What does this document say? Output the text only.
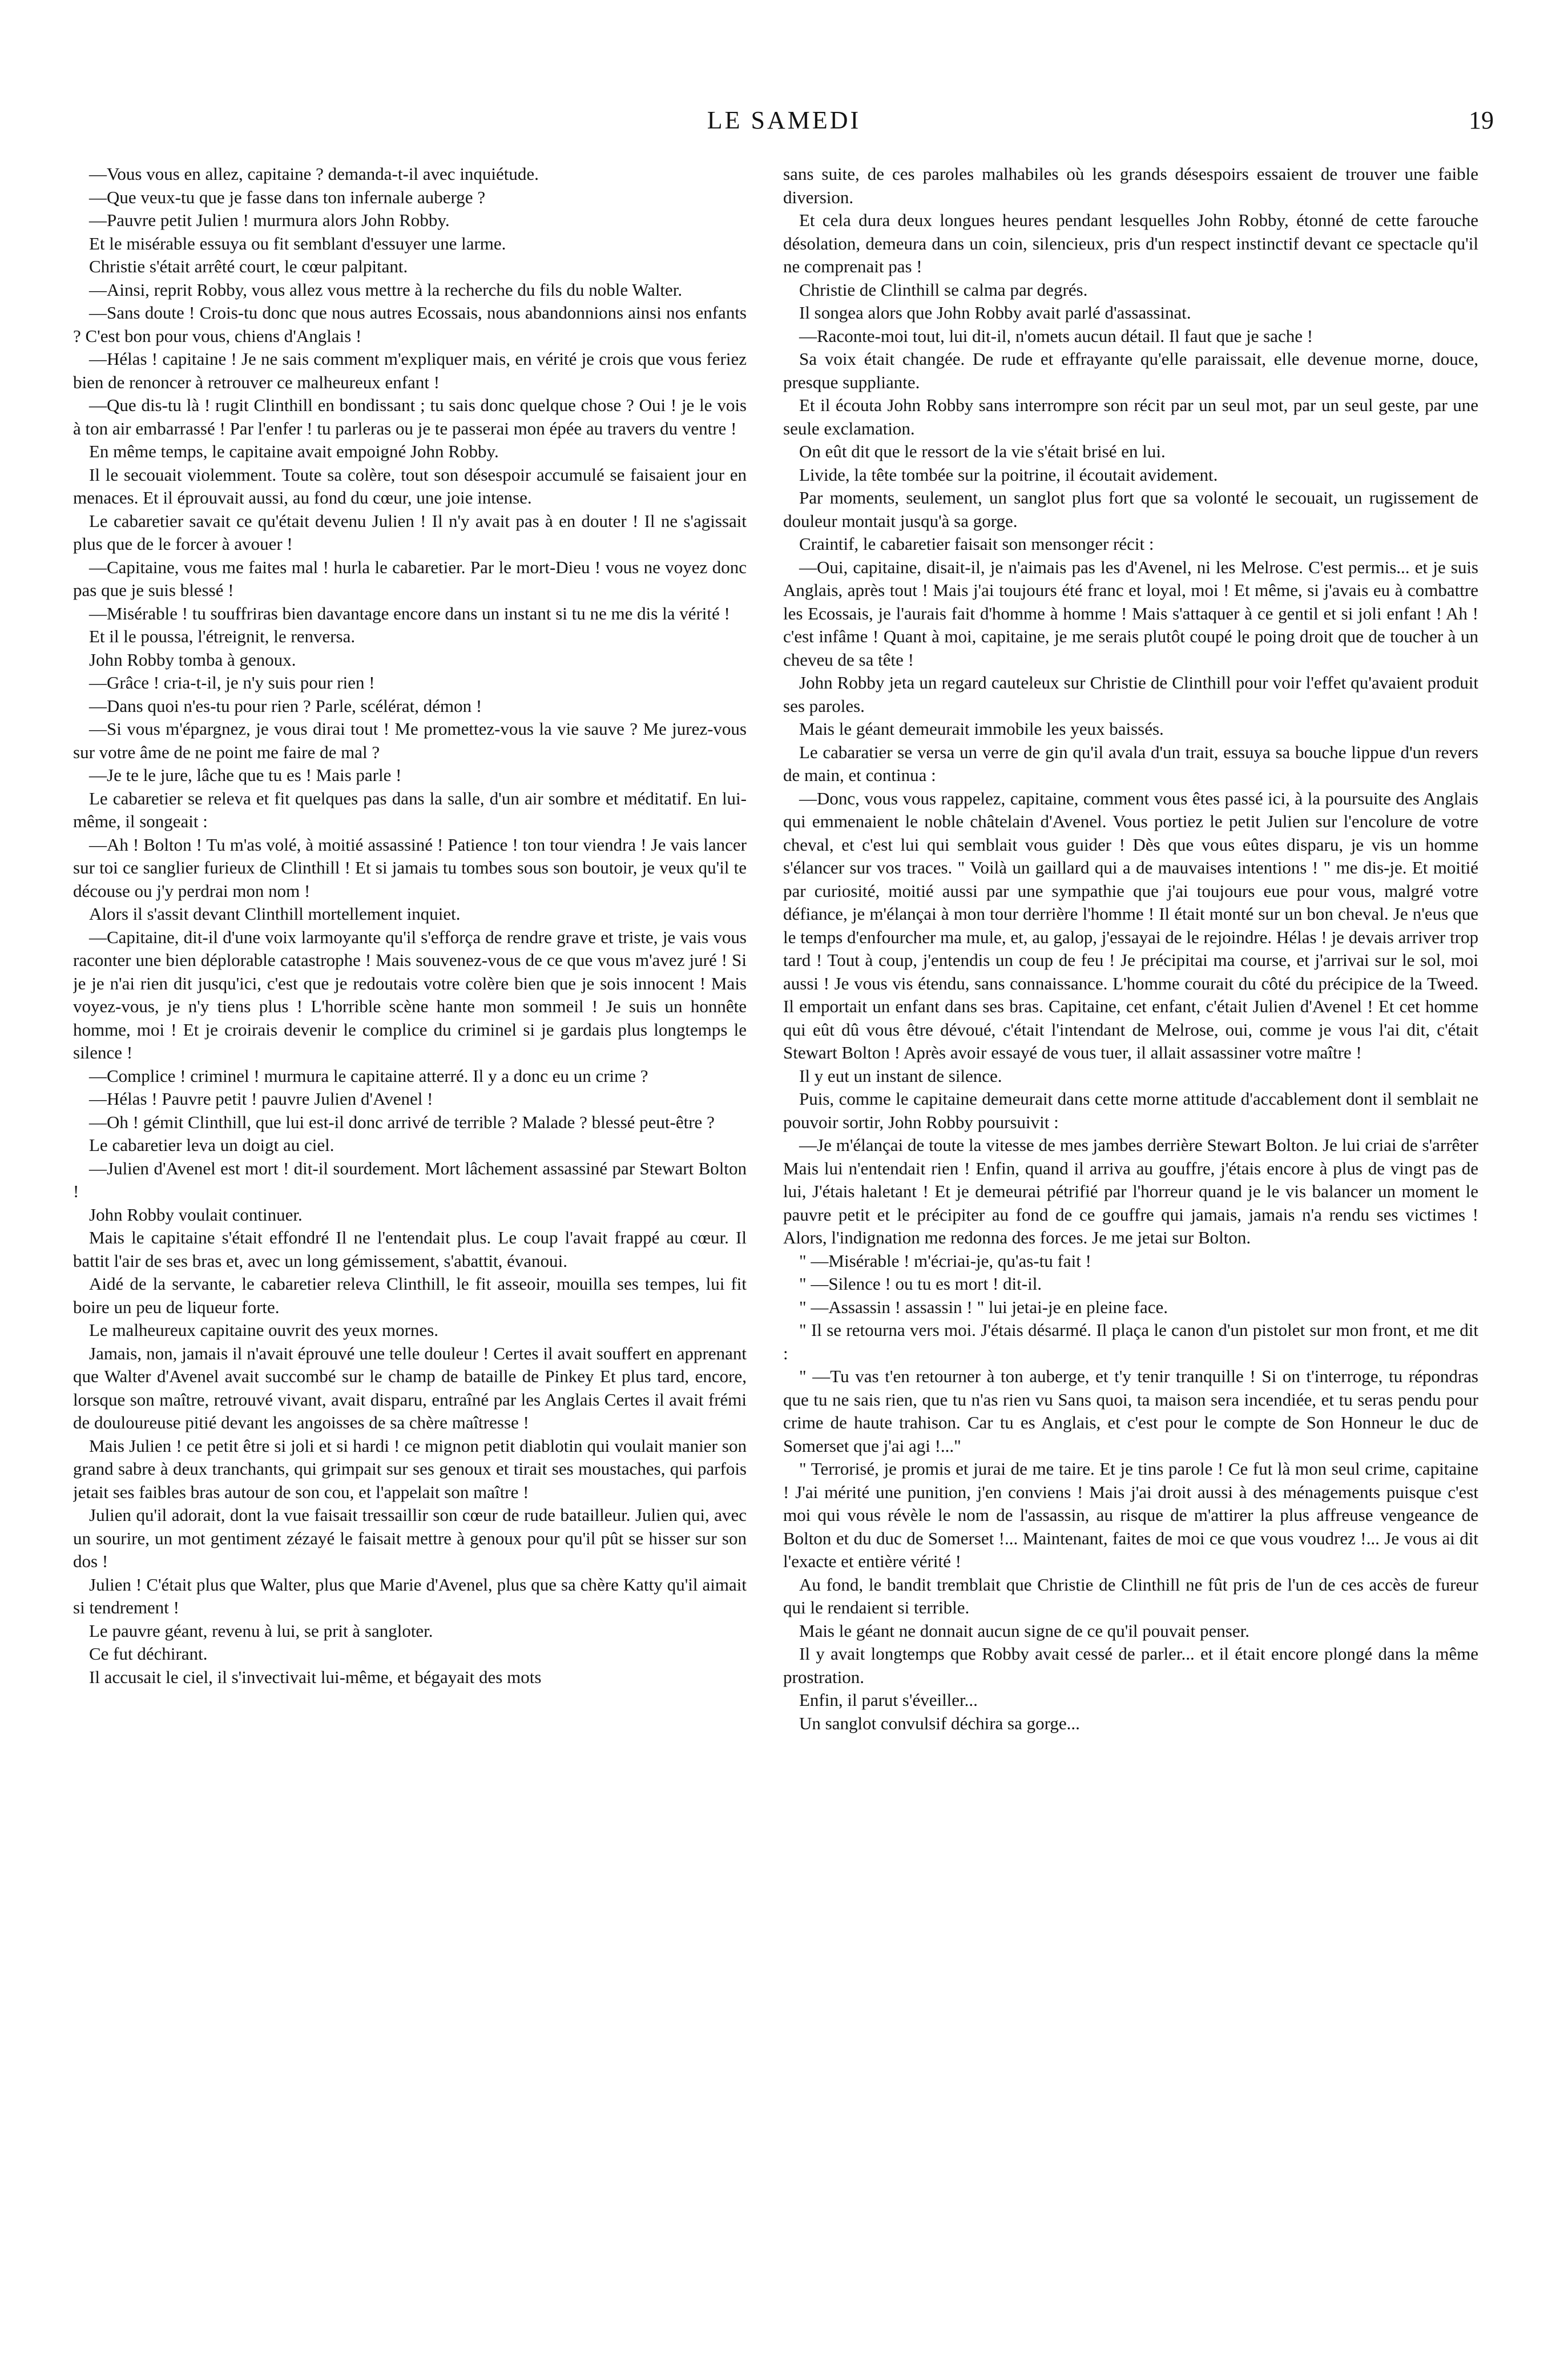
LE SAMEDI	19

—Vous vous en allez, capitaine ? demanda-t-il avec inquiétude.

—Que veux-tu que je fasse dans ton infernale auberge ?

—Pauvre petit Julien ! murmura alors John Robby.

Et le misérable essuya ou fit semblant d'essuyer une larme.

Christie s'était arrêté court, le cœur palpitant.

—Ainsi, reprit Robby, vous allez vous mettre à la recherche du fils du noble Walter.

—Sans doute ! Crois-tu donc que nous autres Ecossais, nous abandonnions ainsi nos enfants ? C'est bon pour vous, chiens d'Anglais !

—Hélas ! capitaine ! Je ne sais comment m'expliquer mais, en vérité je crois que vous feriez bien de renoncer à retrouver ce malheureux enfant !

—Que dis-tu là ! rugit Clinthill en bondissant ; tu sais donc quelque chose ? Oui ! je le vois à ton air embarrassé ! Par l'enfer ! tu parleras ou je te passerai mon épée au travers du ventre !

En même temps, le capitaine avait empoigné John Robby.

Il le secouait violemment. Toute sa colère, tout son désespoir accumulé se faisaient jour en menaces. Et il éprouvait aussi, au fond du cœur, une joie intense.

Le cabaretier savait ce qu'était devenu Julien ! Il n'y avait pas à en douter ! Il ne s'agissait plus que de le forcer à avouer !

—Capitaine, vous me faites mal ! hurla le cabaretier. Par le mort-Dieu ! vous ne voyez donc pas que je suis blessé !

—Misérable ! tu souffriras bien davantage encore dans un instant si tu ne me dis la vérité !

Et il le poussa, l'étreignit, le renversa.

John Robby tomba à genoux.

—Grâce ! cria-t-il, je n'y suis pour rien !

—Dans quoi n'es-tu pour rien ? Parle, scélérat, démon !

—Si vous m'épargnez, je vous dirai tout ! Me promettez-vous la vie sauve ? Me jurez-vous sur votre âme de ne point me faire de mal ?

—Je te le jure, lâche que tu es ! Mais parle !

Le cabaretier se releva et fit quelques pas dans la salle, d'un air sombre et méditatif. En lui-même, il songeait :

—Ah ! Bolton ! Tu m'as volé, à moitié assassiné ! Patience ! ton tour viendra ! Je vais lancer sur toi ce sanglier furieux de Clinthill ! Et si jamais tu tombes sous son boutoir, je veux qu'il te découse ou j'y perdrai mon nom !

Alors il s'assit devant Clinthill mortellement inquiet.

—Capitaine, dit-il d'une voix larmoyante qu'il s'efforça de rendre grave et triste, je vais vous raconter une bien déplorable catastrophe ! Mais souvenez-vous de ce que vous m'avez juré ! Si je je n'ai rien dit jusqu'ici, c'est que je redoutais votre colère bien que je sois innocent ! Mais voyez-vous, je n'y tiens plus ! L'horrible scène hante mon sommeil ! Je suis un honnête homme, moi ! Et je croirais devenir le complice du criminel si je gardais plus longtemps le silence !

—Complice ! criminel ! murmura le capitaine atterré. Il y a donc eu un crime ?

—Hélas ! Pauvre petit ! pauvre Julien d'Avenel !

—Oh ! gémit Clinthill, que lui est-il donc arrivé de terrible ? Malade ? blessé peut-être ?

Le cabaretier leva un doigt au ciel.

—Julien d'Avenel est mort ! dit-il sourdement. Mort lâchement assassiné par Stewart Bolton !

John Robby voulait continuer.

Mais le capitaine s'était effondré Il ne l'entendait plus. Le coup l'avait frappé au cœur. Il battit l'air de ses bras et, avec un long gémissement, s'abattit, évanoui.

Aidé de la servante, le cabaretier releva Clinthill, le fit asseoir, mouilla ses tempes, lui fit boire un peu de liqueur forte.

Le malheureux capitaine ouvrit des yeux mornes.

Jamais, non, jamais il n'avait éprouvé une telle douleur ! Certes il avait souffert en apprenant que Walter d'Avenel avait succombé sur le champ de bataille de Pinkey Et plus tard, encore, lorsque son maître, retrouvé vivant, avait disparu, entraîné par les Anglais Certes il avait frémi de douloureuse pitié devant les angoisses de sa chère maîtresse !

Mais Julien ! ce petit être si joli et si hardi ! ce mignon petit diablotin qui voulait manier son grand sabre à deux tranchants, qui grimpait sur ses genoux et tirait ses moustaches, qui parfois jetait ses faibles bras autour de son cou, et l'appelait son maître !

Julien qu'il adorait, dont la vue faisait tressaillir son cœur de rude batailleur. Julien qui, avec un sourire, un mot gentiment zézayé le faisait mettre à genoux pour qu'il pût se hisser sur son dos !

Julien ! C'était plus que Walter, plus que Marie d'Avenel, plus que sa chère Katty qu'il aimait si tendrement !

Le pauvre géant, revenu à lui, se prit à sangloter.

Ce fut déchirant.

Il accusait le ciel, il s'invectivait lui-même, et bégayait des mots

sans suite, de ces paroles malhabiles où les grands désespoirs essaient de trouver une faible diversion.

Et cela dura deux longues heures pendant lesquelles John Robby, étonné de cette farouche désolation, demeura dans un coin, silencieux, pris d'un respect instinctif devant ce spectacle qu'il ne comprenait pas !

Christie de Clinthill se calma par degrés.

Il songea alors que John Robby avait parlé d'assassinat.

—Raconte-moi tout, lui dit-il, n'omets aucun détail. Il faut que je sache !

Sa voix était changée. De rude et effrayante qu'elle paraissait, elle devenue morne, douce, presque suppliante.

Et il écouta John Robby sans interrompre son récit par un seul mot, par un seul geste, par une seule exclamation.

On eût dit que le ressort de la vie s'était brisé en lui.

Livide, la tête tombée sur la poitrine, il écoutait avidement.

Par moments, seulement, un sanglot plus fort que sa volonté le secouait, un rugissement de douleur montait jusqu'à sa gorge.

Craintif, le cabaretier faisait son mensonger récit :

—Oui, capitaine, disait-il, je n'aimais pas les d'Avenel, ni les Melrose. C'est permis... et je suis Anglais, après tout ! Mais j'ai toujours été franc et loyal, moi ! Et même, si j'avais eu à combattre les Ecossais, je l'aurais fait d'homme à homme ! Mais s'attaquer à ce gentil et si joli enfant ! Ah ! c'est infâme ! Quant à moi, capitaine, je me serais plutôt coupé le poing droit que de toucher à un cheveu de sa tête !

John Robby jeta un regard cauteleux sur Christie de Clinthill pour voir l'effet qu'avaient produit ses paroles.

Mais le géant demeurait immobile les yeux baissés.

Le cabaratier se versa un verre de gin qu'il avala d'un trait, essuya sa bouche lippue d'un revers de main, et continua :

—Donc, vous vous rappelez, capitaine, comment vous êtes passé ici, à la poursuite des Anglais qui emmenaient le noble châtelain d'Avenel. Vous portiez le petit Julien sur l'encolure de votre cheval, et c'est lui qui semblait vous guider ! Dès que vous eûtes disparu, je vis un homme s'élancer sur vos traces. " Voilà un gaillard qui a de mauvaises intentions ! " me dis-je. Et moitié par curiosité, moitié aussi par une sympathie que j'ai toujours eue pour vous, malgré votre défiance, je m'élançai à mon tour derrière l'homme ! Il était monté sur un bon cheval. Je n'eus que le temps d'enfourcher ma mule, et, au galop, j'essayai de le rejoindre. Hélas ! je devais arriver trop tard ! Tout à coup, j'entendis un coup de feu ! Je précipitai ma course, et j'arrivai sur le sol, moi aussi ! Je vous vis étendu, sans connaissance. L'homme courait du côté du précipice de la Tweed. Il emportait un enfant dans ses bras. Capitaine, cet enfant, c'était Julien d'Avenel ! Et cet homme qui eût dû vous être dévoué, c'était l'intendant de Melrose, oui, comme je vous l'ai dit, c'était Stewart Bolton ! Après avoir essayé de vous tuer, il allait assassiner votre maître !

Il y eut un instant de silence.

Puis, comme le capitaine demeurait dans cette morne attitude d'accablement dont il semblait ne pouvoir sortir, John Robby poursuivit :

—Je m'élançai de toute la vitesse de mes jambes derrière Stewart Bolton. Je lui criai de s'arrêter Mais lui n'entendait rien ! Enfin, quand il arriva au gouffre, j'étais encore à plus de vingt pas de lui, J'étais haletant ! Et je demeurai pétrifié par l'horreur quand je le vis balancer un moment le pauvre petit et le précipiter au fond de ce gouffre qui jamais, jamais n'a rendu ses victimes ! Alors, l'indignation me redonna des forces. Je me jetai sur Bolton.

" —Misérable ! m'écriai-je, qu'as-tu fait !

" —Silence ! ou tu es mort ! dit-il.

" —Assassin ! assassin ! " lui jetai-je en pleine face.

" Il se retourna vers moi. J'étais désarmé. Il plaça le canon d'un pistolet sur mon front, et me dit :

" —Tu vas t'en retourner à ton auberge, et t'y tenir tranquille ! Si on t'interroge, tu répondras que tu ne sais rien, que tu n'as rien vu Sans quoi, ta maison sera incendiée, et tu seras pendu pour crime de haute trahison. Car tu es Anglais, et c'est pour le compte de Son Honneur le duc de Somerset que j'ai agi !..."

" Terrorisé, je promis et jurai de me taire. Et je tins parole ! Ce fut là mon seul crime, capitaine ! J'ai mérité une punition, j'en conviens ! Mais j'ai droit aussi à des ménagements puisque c'est moi qui vous révèle le nom de l'assassin, au risque de m'attirer la plus affreuse vengeance de Bolton et du duc de Somerset !... Maintenant, faites de moi ce que vous voudrez !... Je vous ai dit l'exacte et entière vérité !

Au fond, le bandit tremblait que Christie de Clinthill ne fût pris de l'un de ces accès de fureur qui le rendaient si terrible.

Mais le géant ne donnait aucun signe de ce qu'il pouvait penser.

Il y avait longtemps que Robby avait cessé de parler... et il était encore plongé dans la même prostration.

Enfin, il parut s'éveiller...

Un sanglot convulsif déchira sa gorge...
